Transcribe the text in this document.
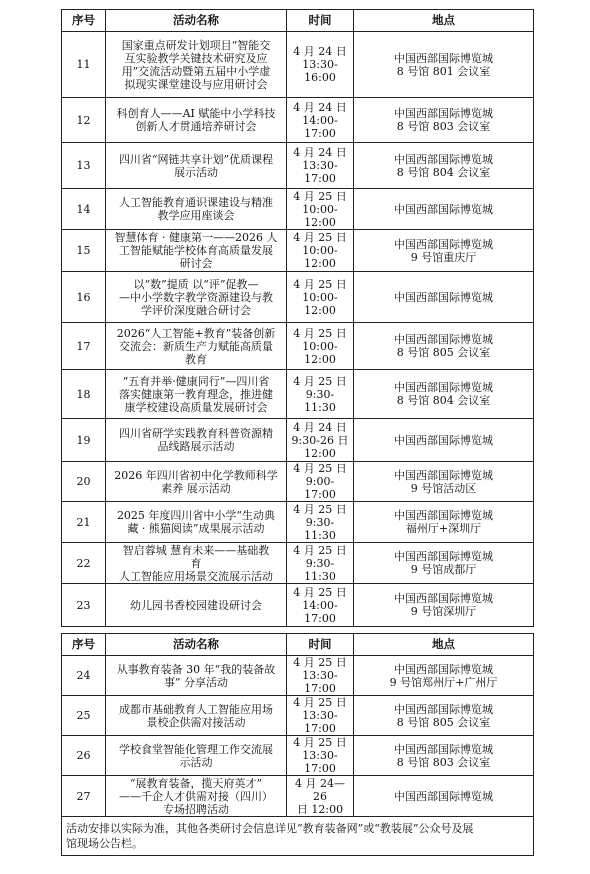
序号	活动名称	时间	地点
11	国家重点研发计划项目“智能交
互实验教学关键技术研究及应
用”交流活动暨第五届中小学虚
拟现实课堂建设与应用研讨会	4 月 24 日
13:30-16:00	中国西部国际博览城
8 号馆 801 会议室

12	科创育人——AI 赋能中小学科技
创新人才贯通培养研讨会	4 月 24 日
14:00-17:00	中国西部国际博览城
8 号馆 803 会议室

13	四川省“网链共享计划”优质课程
展示活动	4 月 24 日
13:30-17:00	中国西部国际博览城
8 号馆 804 会议室

14	人工智能教育通识课建设与精准
教学应用座谈会	4 月 25 日
10:00-12:00	中国西部国际博览城

15	智慧体育 · 健康第一——2026 人
工智能赋能学校体育高质量发展
研讨会	4 月 25 日
10:00-12:00	中国西部国际博览城
9 号馆重庆厅

16	以“数”提质 以“评”促教—
—中小学数字教学资源建设与教
学评价深度融合研讨会	4 月 25 日
10:00-12:00	中国西部国际博览城

17	2026“人工智能+教育”装备创新
交流会：新质生产力赋能高质量
教育	4 月 25 日
10:00-12:00	中国西部国际博览城
8 号馆 805 会议室

18	“五育并举·健康同行”—四川省
落实健康第一教育理念，推进健
康学校建设高质量发展研讨会	4 月 25 日
9:30-11:30	中国西部国际博览城
8 号馆 804 会议室

19	四川省研学实践教育科普资源精
品线路展示活动	4 月 24 日
9:30-26 日
12:00	中国西部国际博览城

20	2026 年四川省初中化学教师科学
素养 展示活动	4 月 25 日
9:00-17:00	中国西部国际博览城
9 号馆活动区

21	2025 年度四川省中小学“生动典
藏 · 熊猫阅读”成果展示活动	4 月 25 日
9:30-11:30	中国西部国际博览城
福州厅+深圳厅

22	智启蓉城 慧育未来——基础教
育
人工智能应用场景交流展示活动	4 月 25 日
9:30-11:30	中国西部国际博览城
9 号馆成都厅

23	幼儿园书香校园建设研讨会	4 月 25 日
14:00-17:00	中国西部国际博览城
9 号馆深圳厅
序号	活动名称	时间	地点
24	从事教育装备 30 年“我的装备故
事” 分享活动	4 月 25 日
13:30-17:00	中国西部国际博览城
9 号馆郑州厅+广州厅

25	成都市基础教育人工智能应用场
景校企供需对接活动	4 月 25 日
13:30-17:00	中国西部国际博览城
8 号馆 805 会议室

26	学校食堂智能化管理工作交流展
示活动	4 月 25 日
13:30-17:00	中国西部国际博览城
8 号馆 803 会议室

27	“展教育装备，揽天府英才”
——千企人才供需对接（四川）
专场招聘活动	4 月 24—26
日 12:00	中国西部国际博览城

活动安排以实际为准，其他各类研讨会信息详见“教育装备网”或“教装展”公众号及展
馆现场公告栏。			
